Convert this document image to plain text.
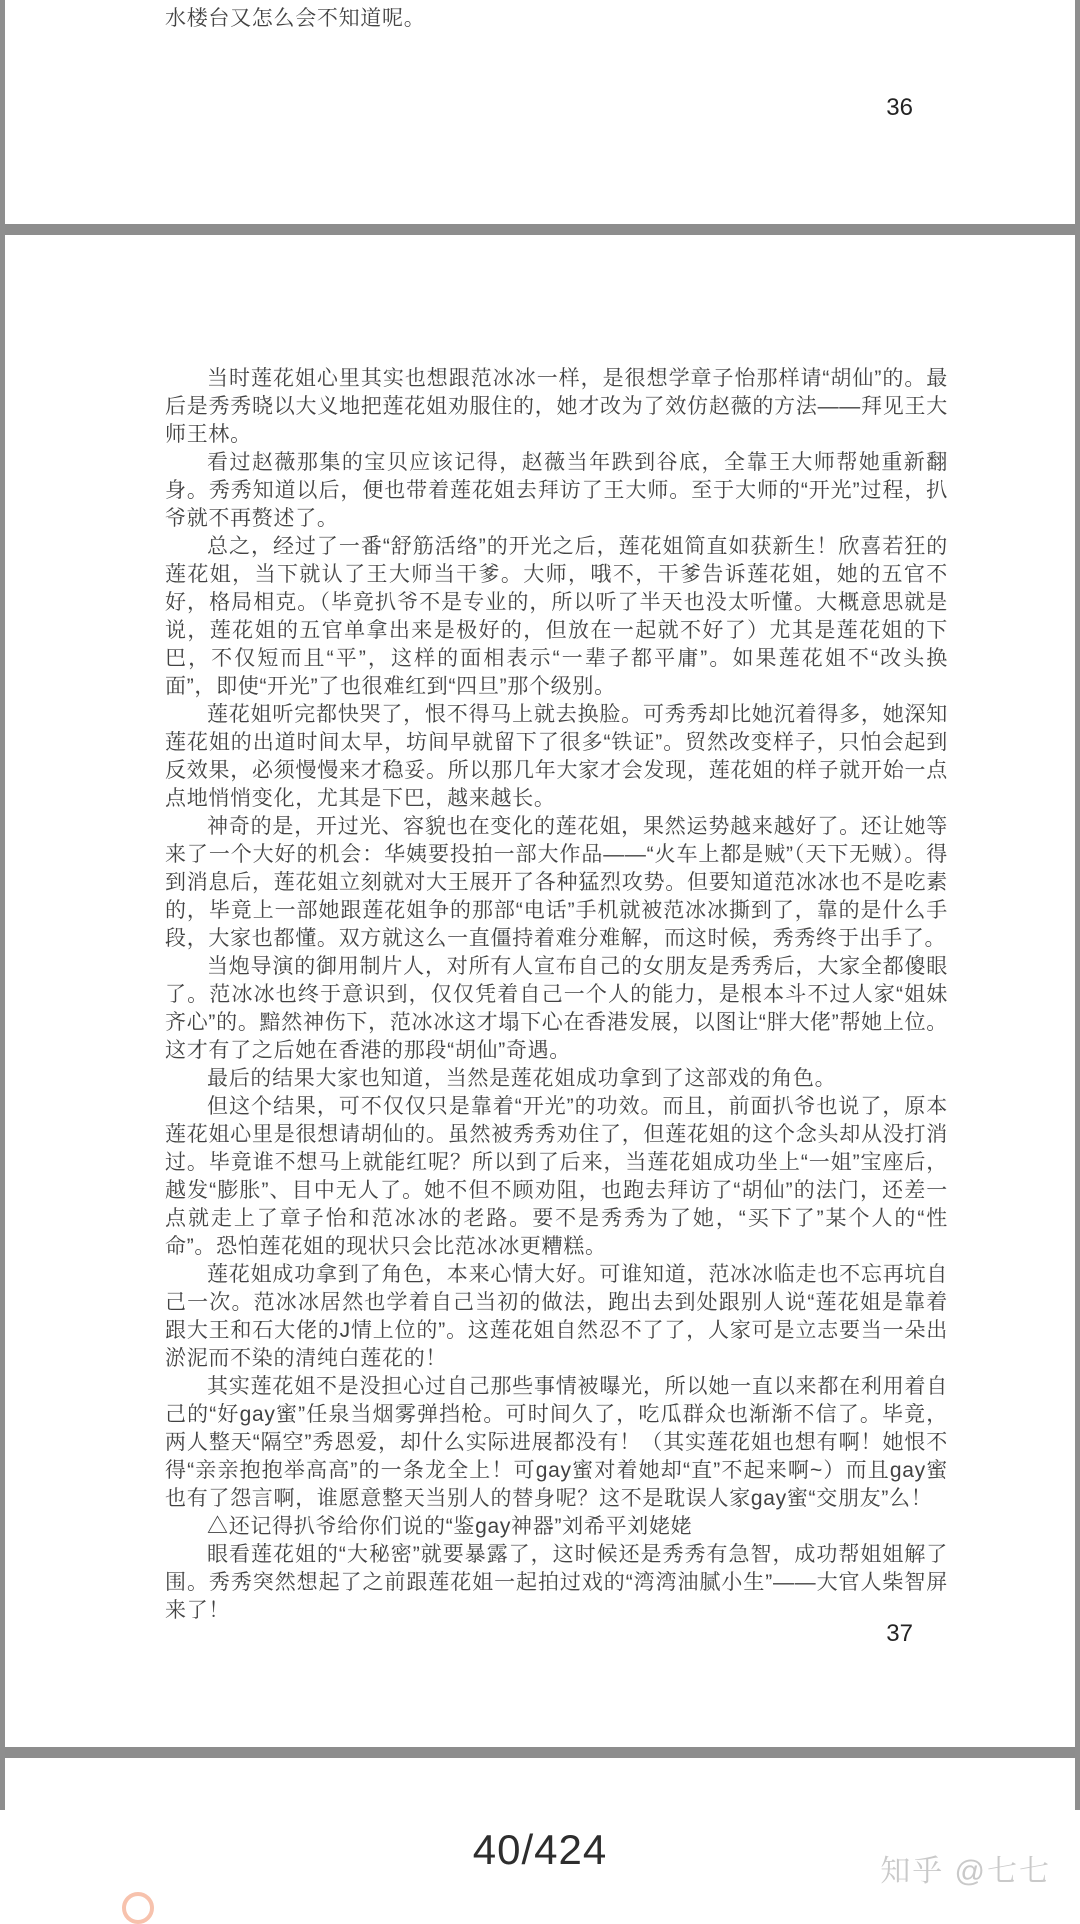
水楼台又怎么会不知道呢。

当时莲花姐心里其实也想跟范冰冰一样，是很想学章子怡那样请“胡仙”的。最后是秀秀晓以大义地把莲花姐劝服住的，她才改为了效仿赵薇的方法——拜见王大师王林。

看过赵薇那集的宝贝应该记得，赵薇当年跌到谷底，全靠王大师帮她重新翻身。秀秀知道以后，便也带着莲花姐去拜访了王大师。至于大师的“开光”过程，扒爷就不再赘述了。

总之，经过了一番“舒筋活络”的开光之后，莲花姐简直如获新生！欣喜若狂的莲花姐，当下就认了王大师当干爹。大师，哦不，干爹告诉莲花姐，她的五官不好，格局相克。（毕竟扒爷不是专业的，所以听了半天也没太听懂。大概意思就是说，莲花姐的五官单拿出来是极好的，但放在一起就不好了）尤其是莲花姐的下巴，不仅短而且“平”，这样的面相表示“一辈子都平庸”。如果莲花姐不“改头换面”，即使“开光”了也很难红到“四旦”那个级别。

莲花姐听完都快哭了，恨不得马上就去换脸。可秀秀却比她沉着得多，她深知莲花姐的出道时间太早，坊间早就留下了很多“铁证”。贸然改变样子，只怕会起到反效果，必须慢慢来才稳妥。所以那几年大家才会发现，莲花姐的样子就开始一点点地悄悄变化，尤其是下巴，越来越长。

神奇的是，开过光、容貌也在变化的莲花姐，果然运势越来越好了。还让她等来了一个大好的机会：华姨要投拍一部大作品——“火车上都是贼”（天下无贼）。得到消息后，莲花姐立刻就对大王展开了各种猛烈攻势。但要知道范冰冰也不是吃素的，毕竟上一部她跟莲花姐争的那部“电话”手机就被范冰冰撕到了，靠的是什么手段，大家也都懂。双方就这么一直僵持着难分难解，而这时候，秀秀终于出手了。

当炮导演的御用制片人，对所有人宣布自己的女朋友是秀秀后，大家全都傻眼了。范冰冰也终于意识到，仅仅凭着自己一个人的能力，是根本斗不过人家“姐妹齐心”的。黯然神伤下，范冰冰这才塌下心在香港发展，以图让“胖大佬”帮她上位。这才有了之后她在香港的那段“胡仙”奇遇。

最后的结果大家也知道，当然是莲花姐成功拿到了这部戏的角色。

但这个结果，可不仅仅只是靠着“开光”的功效。而且，前面扒爷也说了，原本莲花姐心里是很想请胡仙的。虽然被秀秀劝住了，但莲花姐的这个念头却从没打消过。毕竟谁不想马上就能红呢？所以到了后来，当莲花姐成功坐上“一姐”宝座后，越发“膨胀”、目中无人了。她不但不顾劝阻，也跑去拜访了“胡仙”的法门，还差一点就走上了章子怡和范冰冰的老路。要不是秀秀为了她，“买下了”某个人的“性命”。恐怕莲花姐的现状只会比范冰冰更糟糕。

莲花姐成功拿到了角色，本来心情大好。可谁知道，范冰冰临走也不忘再坑自己一次。范冰冰居然也学着自己当初的做法，跑出去到处跟别人说“莲花姐是靠着跟大王和石大佬的J情上位的”。这莲花姐自然忍不了了，人家可是立志要当一朵出淤泥而不染的清纯白莲花的！

其实莲花姐不是没担心过自己那些事情被曝光，所以她一直以来都在利用着自己的“好gay蜜”任泉当烟雾弹挡枪。可时间久了，吃瓜群众也渐渐不信了。毕竟，两人整天“隔空”秀恩爱，却什么实际进展都没有！（其实莲花姐也想有啊！她恨不得“亲亲抱抱举高高”的一条龙全上！可gay蜜对着她却“直”不起来啊~）而且gay蜜也有了怨言啊，谁愿意整天当别人的替身呢？这不是耽误人家gay蜜“交朋友”么！

△还记得扒爷给你们说的“鉴gay神器”刘希平刘姥姥

眼看莲花姐的“大秘密”就要暴露了，这时候还是秀秀有急智，成功帮姐姐解了围。秀秀突然想起了之前跟莲花姐一起拍过戏的“湾湾油腻小生”——大官人柴智屏来了！

36
37
40/424	知乎 @七七
